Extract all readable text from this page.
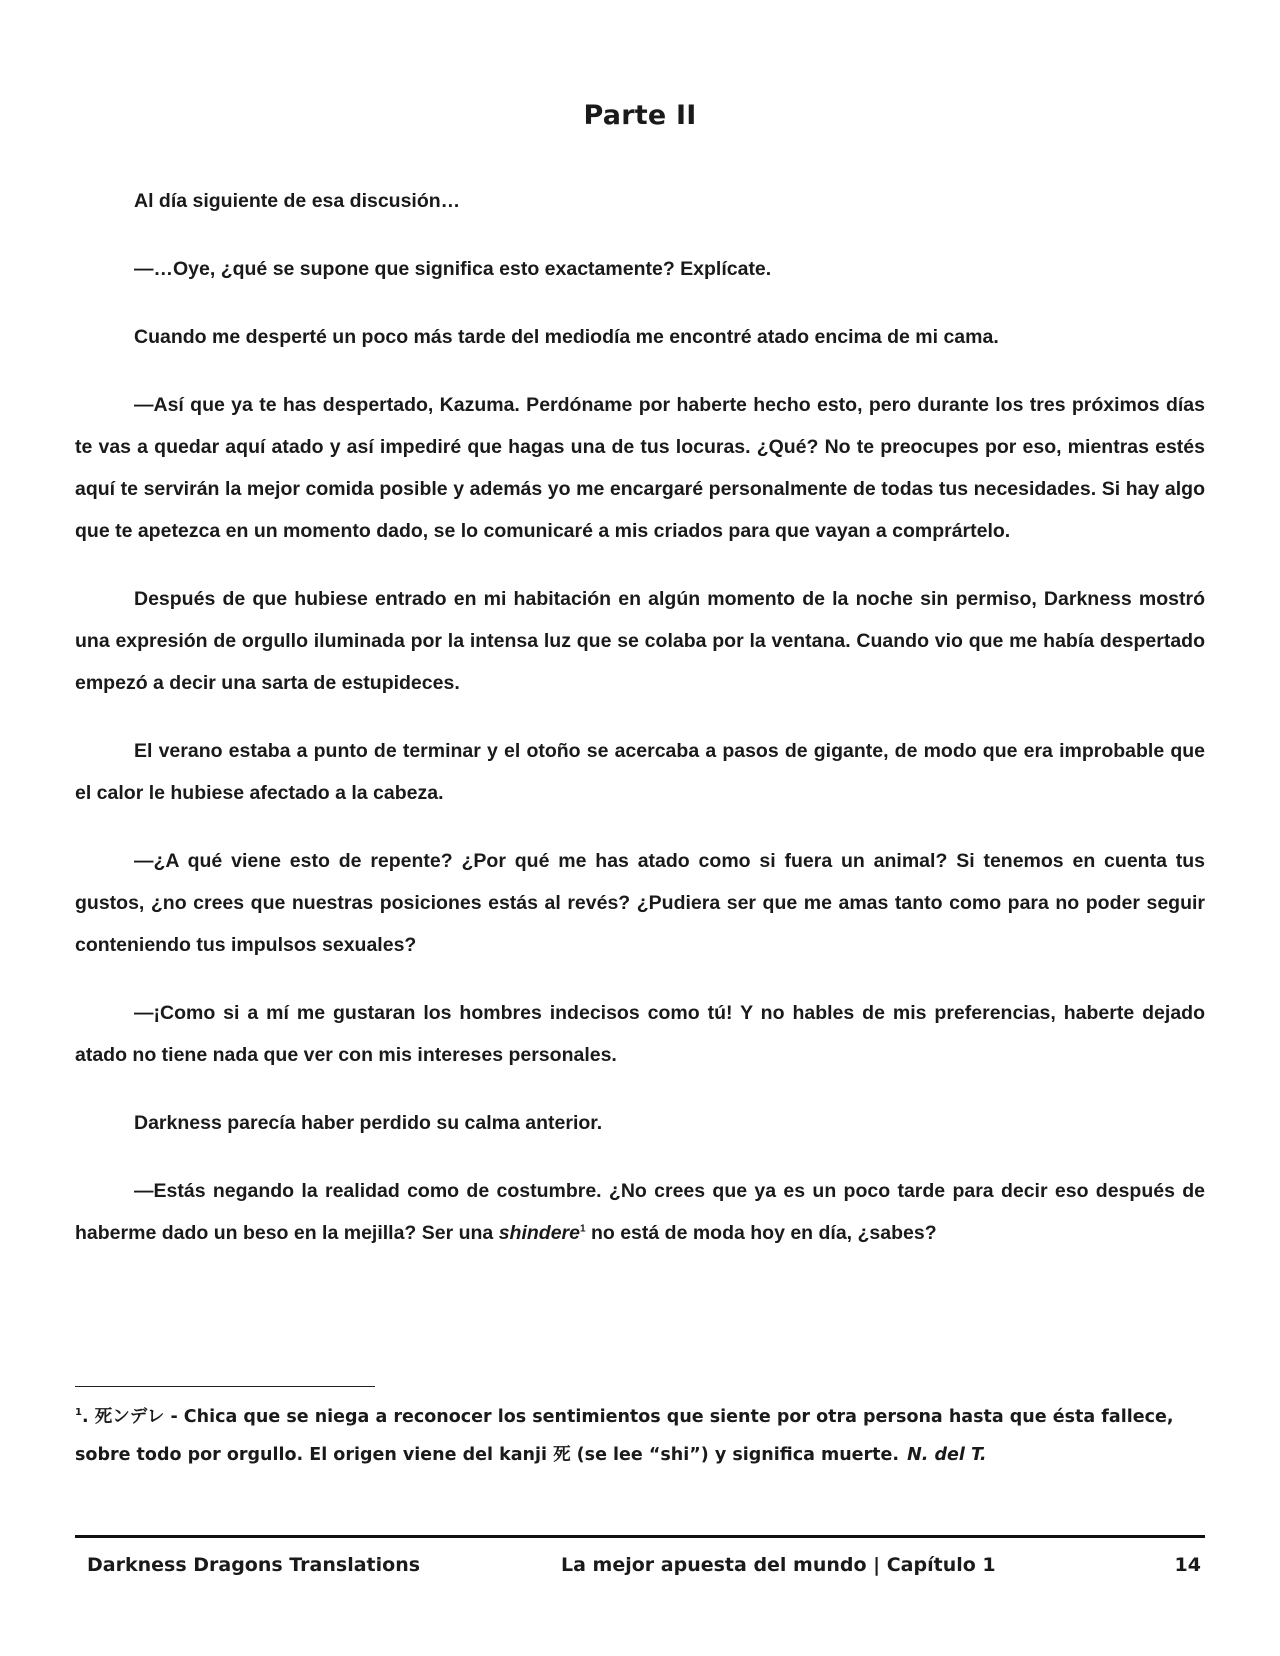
Parte II

Al día siguiente de esa discusión…

—…Oye, ¿qué se supone que significa esto exactamente? Explícate.

Cuando me desperté un poco más tarde del mediodía me encontré atado encima de mi cama.

—Así que ya te has despertado, Kazuma. Perdóname por haberte hecho esto, pero durante los tres próximos días te vas a quedar aquí atado y así impediré que hagas una de tus locuras. ¿Qué? No te preocupes por eso, mientras estés aquí te servirán la mejor comida posible y además yo me encargaré personalmente de todas tus necesidades. Si hay algo que te apetezca en un momento dado, se lo comunicaré a mis criados para que vayan a comprártelo.

Después de que hubiese entrado en mi habitación en algún momento de la noche sin permiso, Darkness mostró una expresión de orgullo iluminada por la intensa luz que se colaba por la ventana. Cuando vio que me había despertado empezó a decir una sarta de estupideces.

El verano estaba a punto de terminar y el otoño se acercaba a pasos de gigante, de modo que era improbable que el calor le hubiese afectado a la cabeza.

—¿A qué viene esto de repente? ¿Por qué me has atado como si fuera un animal? Si tenemos en cuenta tus gustos, ¿no crees que nuestras posiciones estás al revés? ¿Pudiera ser que me amas tanto como para no poder seguir conteniendo tus impulsos sexuales?

—¡Como si a mí me gustaran los hombres indecisos como tú! Y no hables de mis preferencias, haberte dejado atado no tiene nada que ver con mis intereses personales.

Darkness parecía haber perdido su calma anterior.

—Estás negando la realidad como de costumbre. ¿No crees que ya es un poco tarde para decir eso después de haberme dado un beso en la mejilla? Ser una shindere$^1$ no está de moda hoy en día, ¿sabes?

$^1$. 死ンデレ - Chica que se niega a reconocer los sentimientos que siente por otra persona hasta que ésta fallece, sobre todo por orgullo. El origen viene del kanji 死 (se lee “shi”) y significa muerte. N. del T.
Darkness Dragons Translations	La mejor apuesta del mundo | Capítulo 1	14
